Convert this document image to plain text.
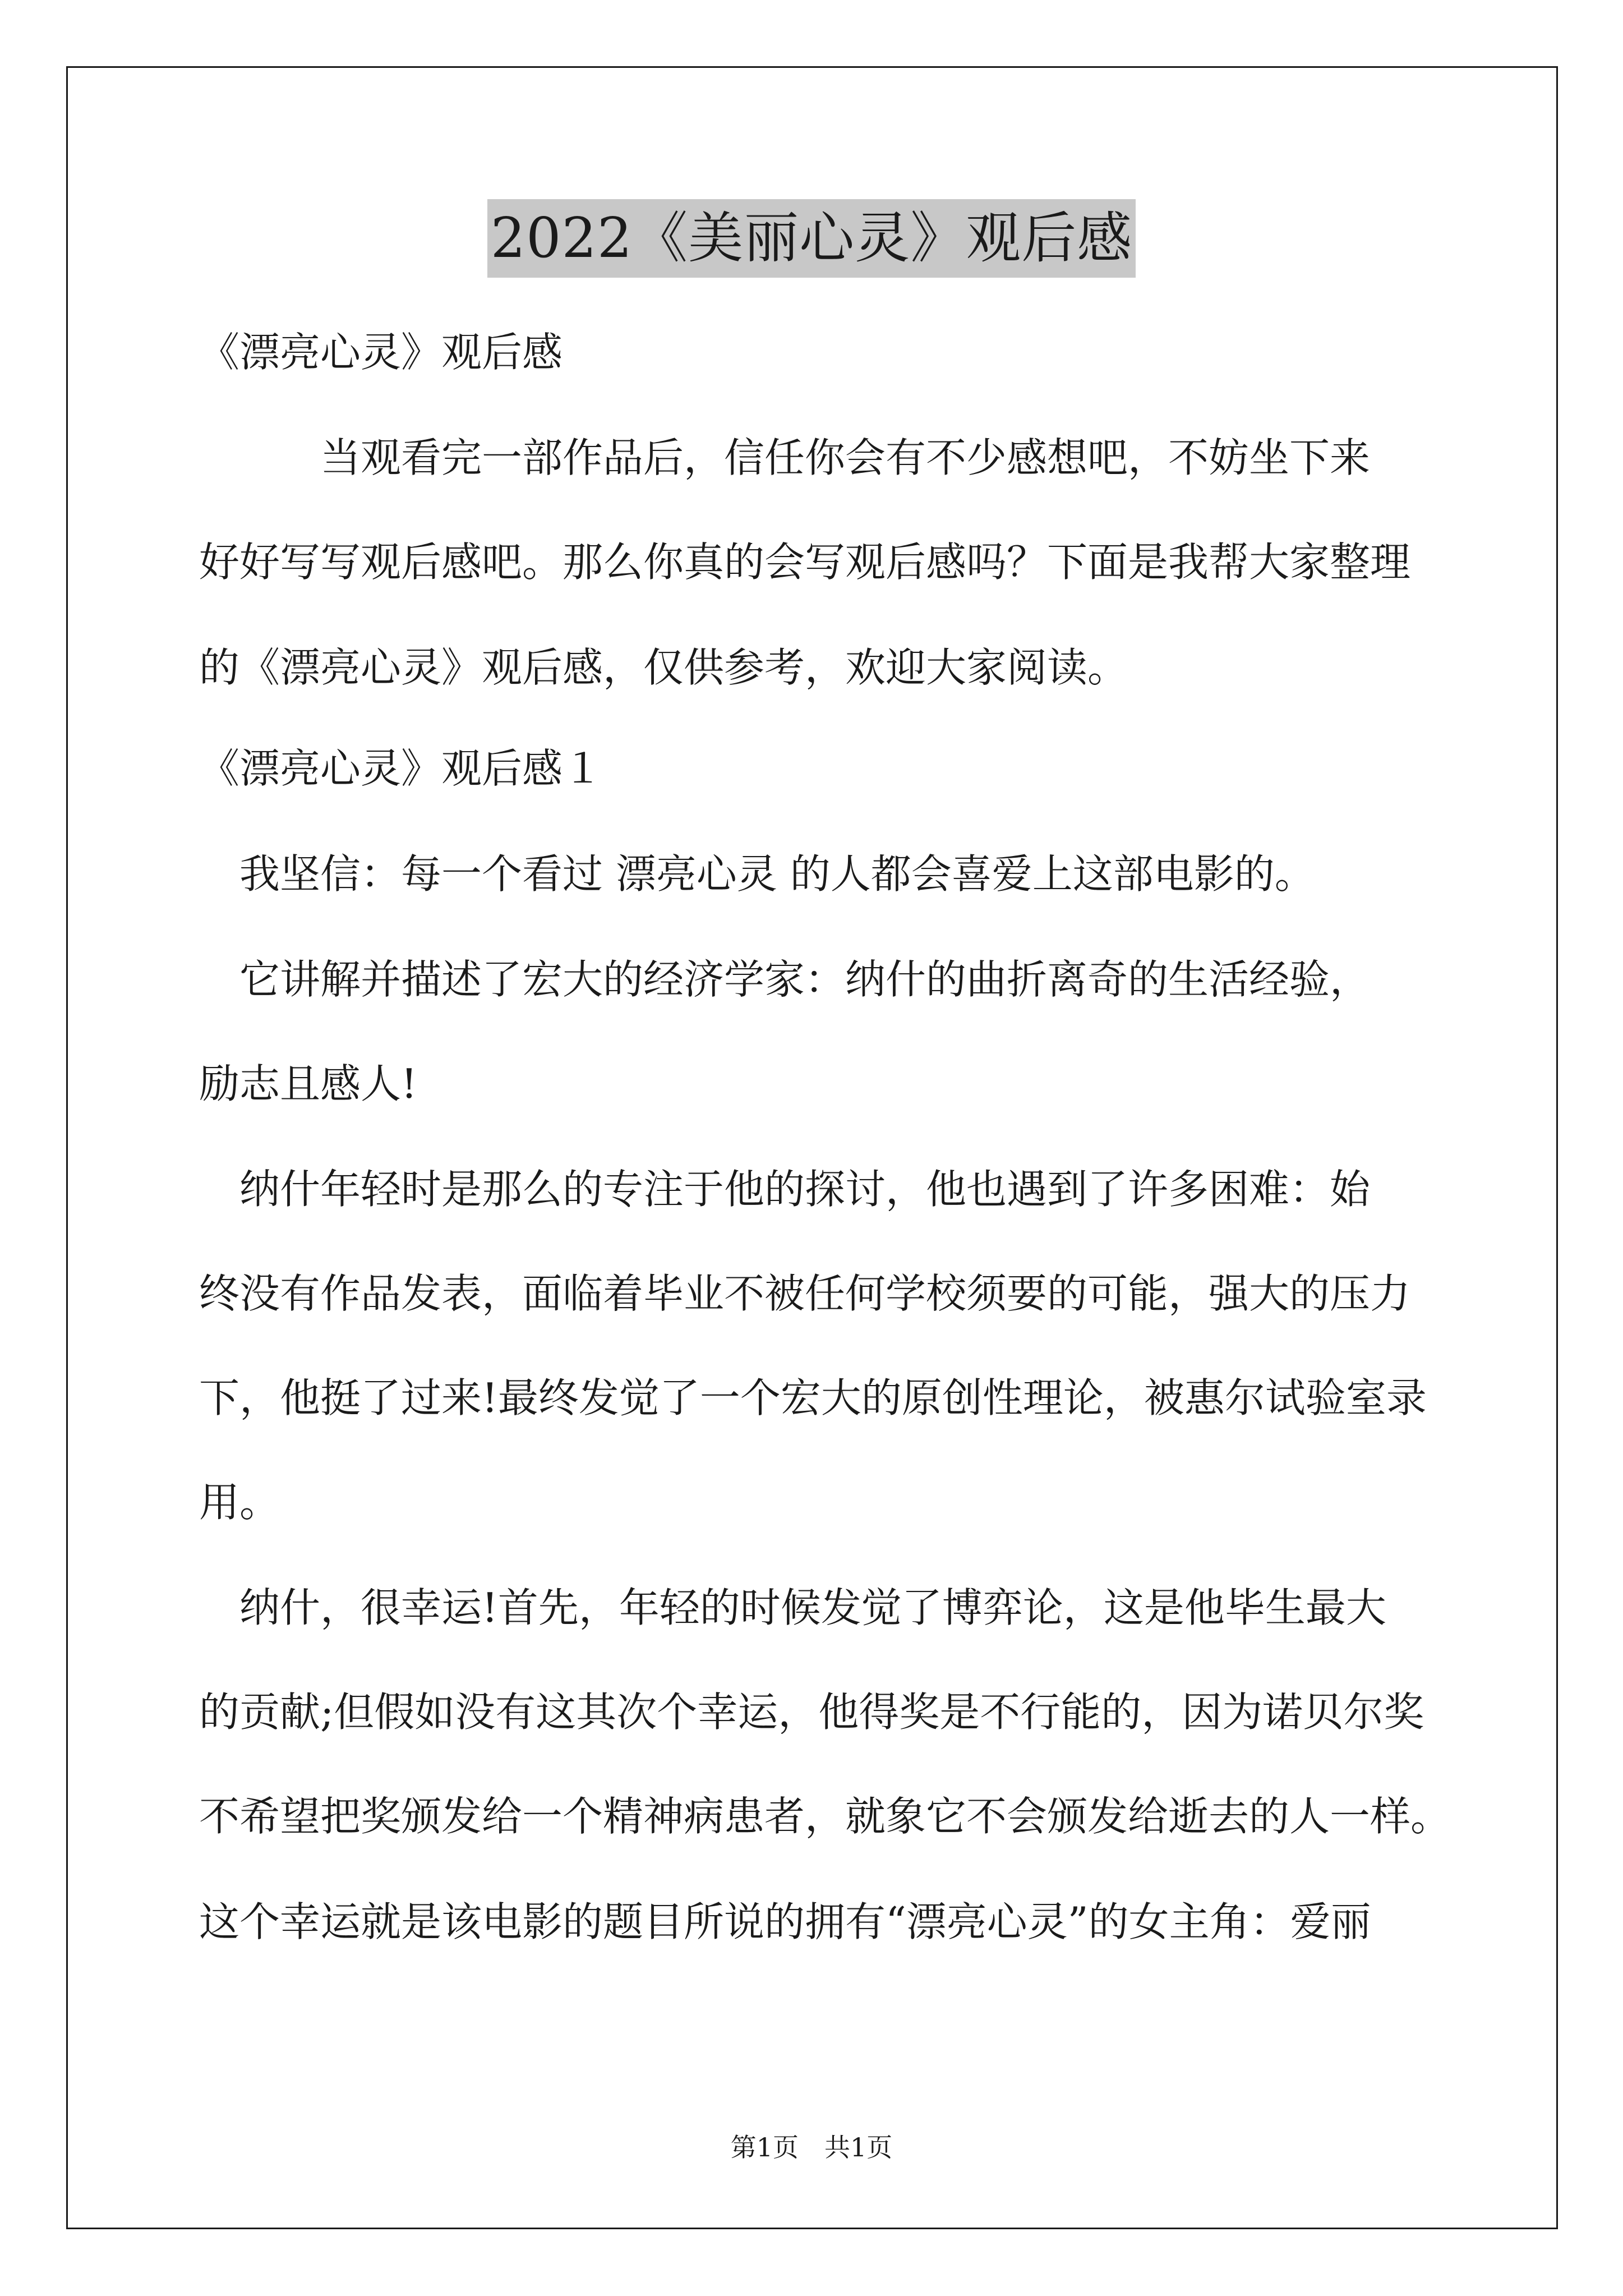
2022《美丽心灵》观后感
《漂亮心灵》观后感
　　　当观看完一部作品后，信任你会有不少感想吧，不妨坐下来
好好写写观后感吧。那么你真的会写观后感吗？下面是我帮大家整理
的《漂亮心灵》观后感，仅供参考，欢迎大家阅读。
《漂亮心灵》观后感１
　我坚信：每一个看过 漂亮心灵 的人都会喜爱上这部电影的。
　它讲解并描述了宏大的经济学家：纳什的曲折离奇的生活经验，
励志且感人!
　纳什年轻时是那么的专注于他的探讨，他也遇到了许多困难：始
终没有作品发表，面临着毕业不被任何学校须要的可能，强大的压力
下，他挺了过来!最终发觉了一个宏大的原创性理论，被惠尔试验室录
用。
　纳什，很幸运!首先，年轻的时候发觉了博弈论，这是他毕生最大
的贡献;但假如没有这其次个幸运，他得奖是不行能的，因为诺贝尔奖
不希望把奖颁发给一个精神病患者，就象它不会颁发给逝去的人一样。
这个幸运就是该电影的题目所说的拥有“漂亮心灵”的女主角：爱丽
第1页 共1页
